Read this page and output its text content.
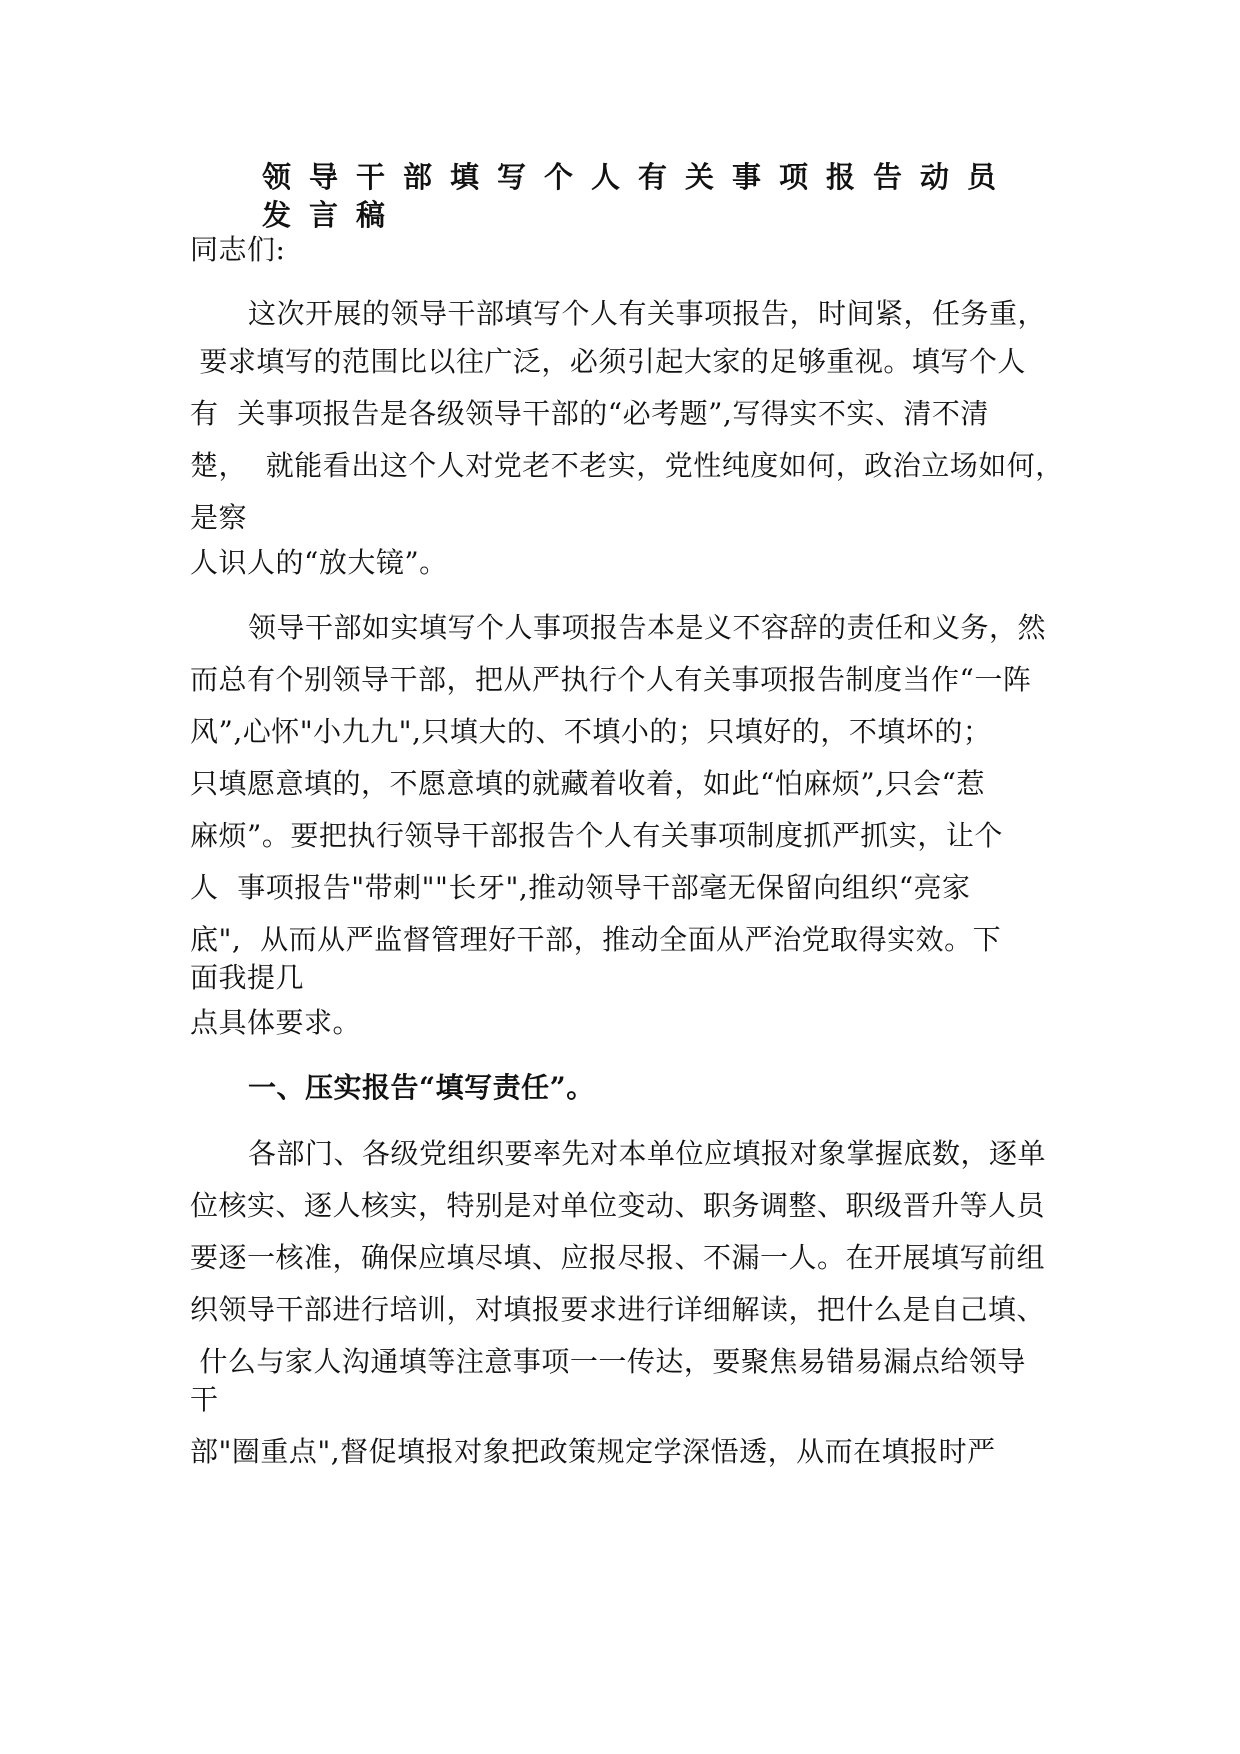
领导干部填写个人有关事项报告动员发言稿
同志们:
这次开展的领导干部填写个人有关事项报告，时间紧，任务重，
要求填写的范围比以往广泛，必须引起大家的足够重视。填写个人
有  关事项报告是各级领导干部的“必考题”,写得实不实、清不清
楚，  就能看出这个人对党老不老实，党性纯度如何，政治立场如何，
是察
人识人的“放大镜”。
领导干部如实填写个人事项报告本是义不容辞的责任和义务，然
而总有个别领导干部，把从严执行个人有关事项报告制度当作“一阵
风”,心怀"小九九",只填大的、不填小的；只填好的，不填坏的；
只填愿意填的，不愿意填的就藏着收着，如此“怕麻烦”,只会“惹
麻烦”。要把执行领导干部报告个人有关事项制度抓严抓实，让个
人  事项报告"带刺""长牙",推动领导干部毫无保留向组织“亮家
底",  从而从严监督管理好干部，推动全面从严治党取得实效。下
面我提几
点具体要求。
一、压实报告“填写责任”。
各部门、各级党组织要率先对本单位应填报对象掌握底数，逐单
位核实、逐人核实，特别是对单位变动、职务调整、职级晋升等人员
要逐一核准，确保应填尽填、应报尽报、不漏一人。在开展填写前组
织领导干部进行培训，对填报要求进行详细解读，把什么是自己填、
什么与家人沟通填等注意事项一一传达，要聚焦易错易漏点给领导
干
部"圈重点",督促填报对象把政策规定学深悟透，从而在填报时严
